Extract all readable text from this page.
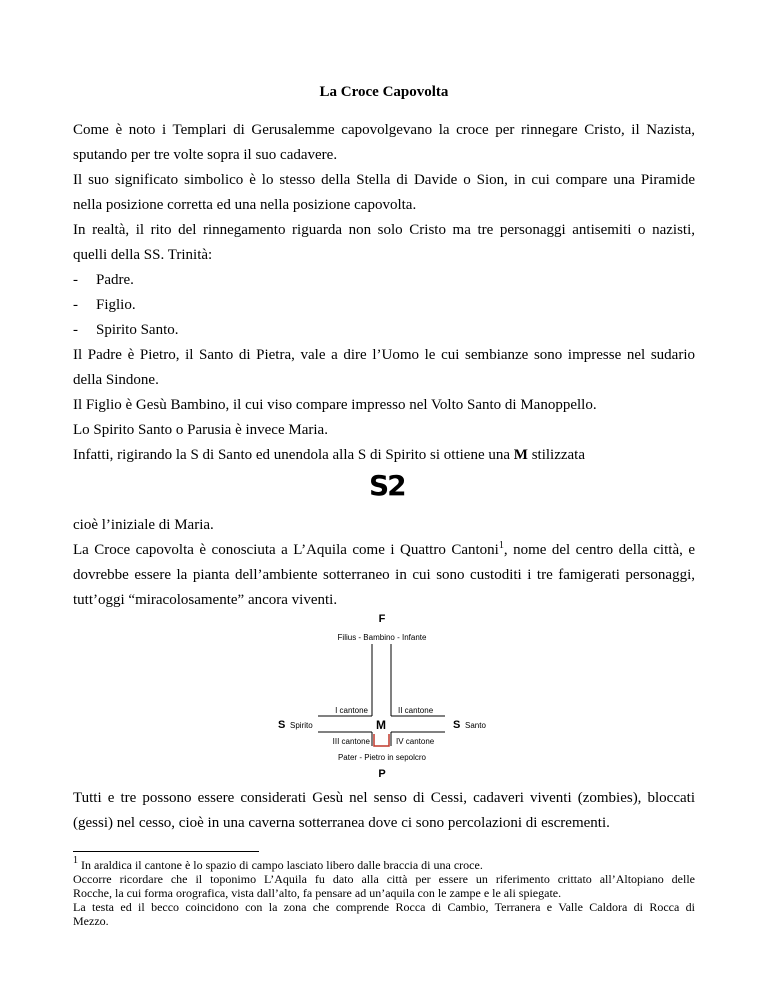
La Croce Capovolta
Come è noto i Templari di Gerusalemme capovolgevano la croce per rinnegare Cristo, il Nazista,
sputando per tre volte sopra il suo cadavere.
Il suo significato simbolico è lo stesso della Stella di Davide o Sion, in cui compare una Piramide
nella posizione corretta ed una nella posizione capovolta.
In realtà, il rito del rinnegamento riguarda non solo Cristo ma tre personaggi antisemiti o nazisti,
quelli della SS. Trinità:
- Padre.
- Figlio.
- Spirito Santo.
Il Padre è Pietro, il Santo di Pietra, vale a dire l’Uomo le cui sembianze sono impresse nel sudario
della Sindone.
Il Figlio è Gesù Bambino, il cui viso compare impresso nel Volto Santo di Manoppello.
Lo Spirito Santo o Parusia è invece Maria.
Infatti, rigirando la S di Santo ed unendola alla S di Spirito si ottiene una M stilizzata
S2
cioè l’iniziale di Maria.
La Croce capovolta è conosciuta a L’Aquila come i Quattro Cantoni$^1$, nome del centro della città, e
dovrebbe essere la pianta dell’ambiente sotterraneo in cui sono custoditi i tre famigerati personaggi,
tutt’oggi “miracolosamente” ancora viventi.
F
Filius - Bambino - Infante
I cantone	II cantone
S Spirito	M	S Santo
III cantone	IV cantone
Pater - Pietro in sepolcro
P
Tutti e tre possono essere considerati Gesù nel senso di Cessi, cadaveri viventi (zombies), bloccati
(gessi) nel cesso, cioè in una caverna sotterranea dove ci sono percolazioni di escrementi.
$^1$ In araldica il cantone è lo spazio di campo lasciato libero dalle braccia di una croce.
Occorre ricordare che il toponimo L’Aquila fu dato alla città per essere un riferimento crittato all’Altopiano delle
Rocche, la cui forma orografica, vista dall’alto, fa pensare ad un’aquila con le zampe e le ali spiegate.
La testa ed il becco coincidono con la zona che comprende Rocca di Cambio, Terranera e Valle Caldora di Rocca di
Mezzo.
